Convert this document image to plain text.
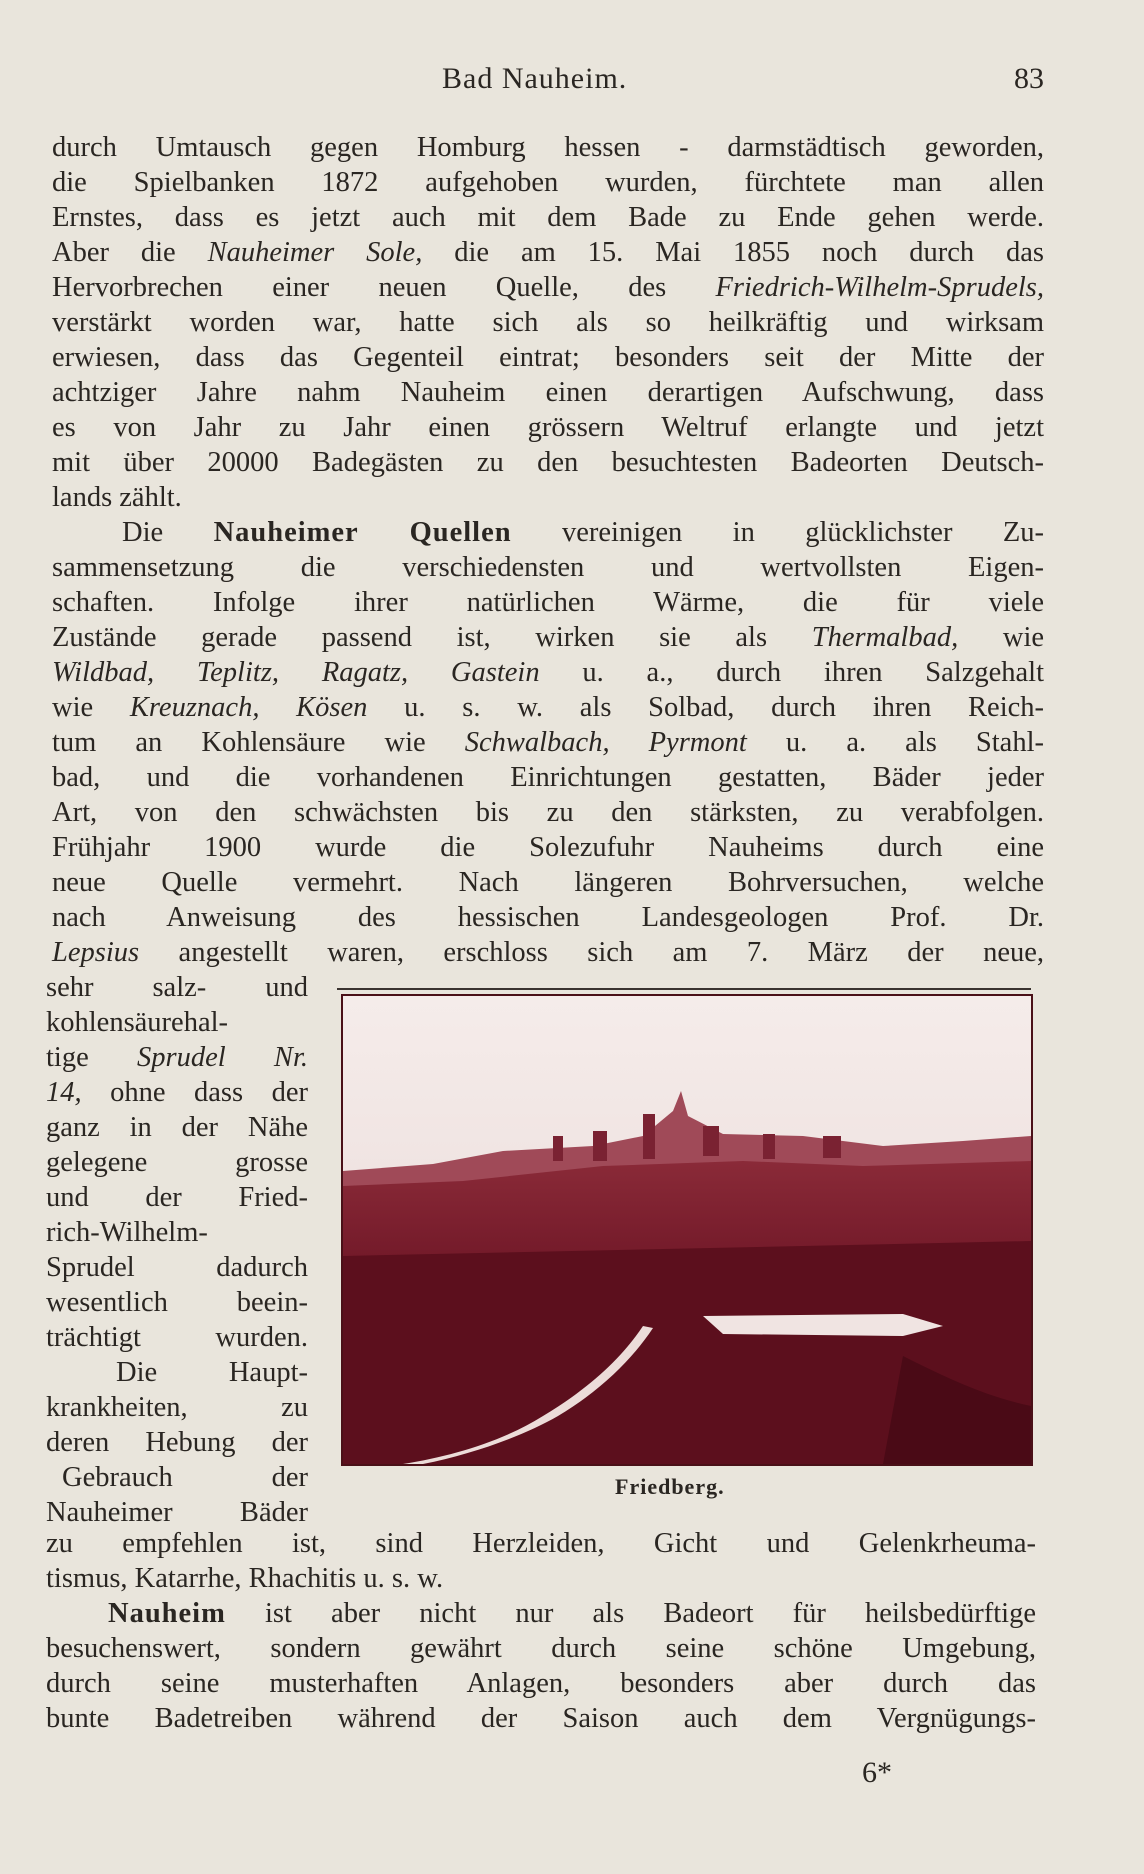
Bad Nauheim.	83
durch Umtausch gegen Homburg hessen - darmstädtisch geworden,
die Spielbanken 1872 aufgehoben wurden, fürchtete man allen
Ernstes, dass es jetzt auch mit dem Bade zu Ende gehen werde.
Aber die Nauheimer Sole, die am 15. Mai 1855 noch durch das
Hervorbrechen einer neuen Quelle, des Friedrich-Wilhelm-Sprudels,
verstärkt worden war, hatte sich als so heilkräftig und wirksam
erwiesen, dass das Gegenteil eintrat; besonders seit der Mitte der
achtziger Jahre nahm Nauheim einen derartigen Aufschwung, dass
es von Jahr zu Jahr einen grössern Weltruf erlangte und jetzt
mit über 20000 Badegästen zu den besuchtesten Badeorten Deutsch-
lands zählt.
Die Nauheimer Quellen vereinigen in glücklichster Zu-
sammensetzung die verschiedensten und wertvollsten Eigen-
schaften. Infolge ihrer natürlichen Wärme, die für viele
Zustände gerade passend ist, wirken sie als Thermalbad, wie
Wildbad, Teplitz, Ragatz, Gastein u. a., durch ihren Salzgehalt
wie Kreuznach, Kösen u. s. w. als Solbad, durch ihren Reich-
tum an Kohlensäure wie Schwalbach, Pyrmont u. a. als Stahl-
bad, und die vorhandenen Einrichtungen gestatten, Bäder jeder
Art, von den schwächsten bis zu den stärksten, zu verabfolgen.
Frühjahr 1900 wurde die Solezufuhr Nauheims durch eine
neue Quelle vermehrt. Nach längeren Bohrversuchen, welche
nach Anweisung des hessischen Landesgeologen Prof. Dr.
Lepsius angestellt waren, erschloss sich am 7. März der neue,
sehr salz- und
kohlensäurehal-
tige Sprudel Nr.
14, ohne dass der
ganz in der Nähe
gelegene grosse
und der Fried-
rich-Wilhelm-
Sprudel dadurch
wesentlich beein-
trächtigt wurden.
Die Haupt-
krankheiten, zu
deren Hebung der
Gebrauch der
Nauheimer Bäder
Friedberg.
zu empfehlen ist, sind Herzleiden, Gicht und Gelenkrheuma-
tismus, Katarrhe, Rhachitis u. s. w.
Nauheim ist aber nicht nur als Badeort für heilsbedürftige
besuchenswert, sondern gewährt durch seine schöne Umgebung,
durch seine musterhaften Anlagen, besonders aber durch das
bunte Badetreiben während der Saison auch dem Vergnügungs-
6*
